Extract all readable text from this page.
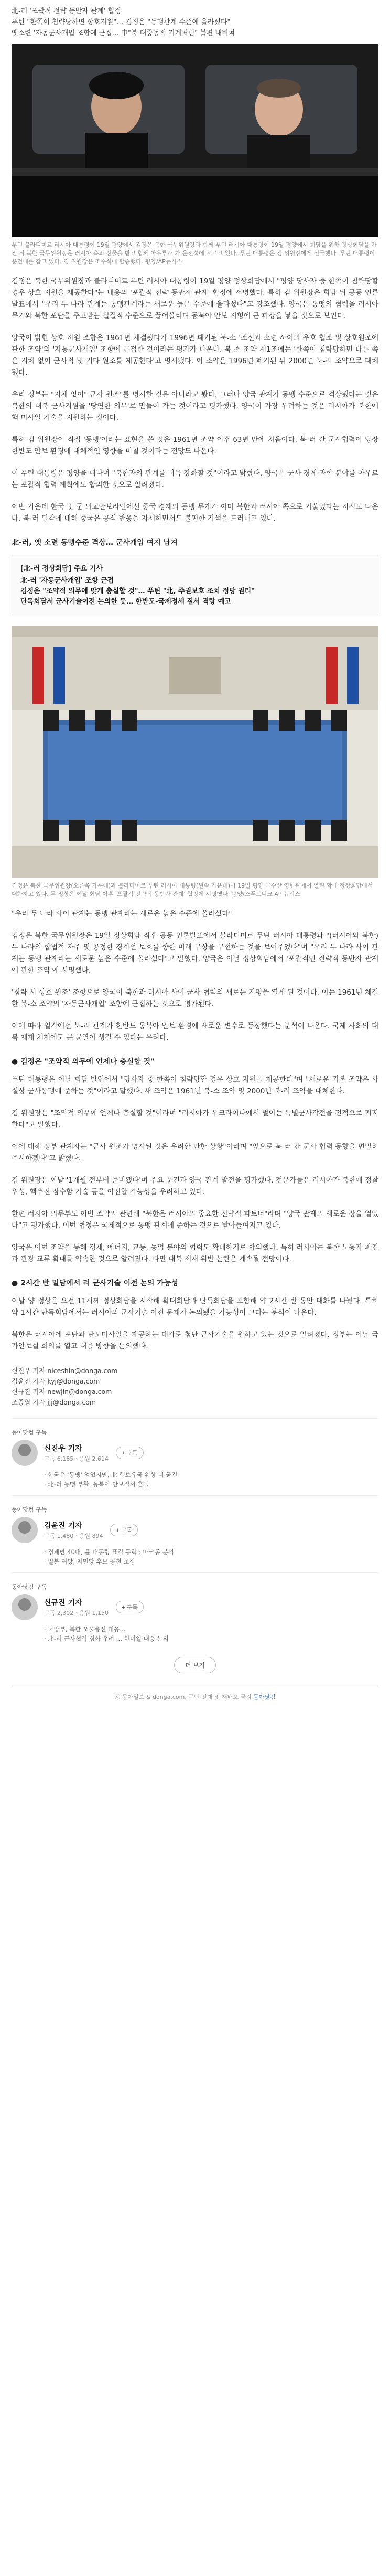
北-러 '포괄적 전략 동반자 관계' 협정
푸틴 "한쪽이 침략당하면 상호지원"… 김정은 "동맹관계 수준에 올라섰다"
옛소련 '자동군사개입 조항에 근접… 中"북 대중동적 기계처럼" 불편 내비쳐
푸틴 블라디미르 러시아 대통령이 19일 평양에서 김정은 북한 국무위원장과 함께 푸틴 러시아 대통령이 19일 평양에서 회담을 위해 정상회담을 가진 뒤 북한 국무위원장은 러시아 측의 선물을 받고 함께 아우루스 차 운전석에 오르고 있다. 푸틴 대통령은 김 위원장에게 선물했다. 푸틴 대통령이 운전대를 잡고 있다. 김 위원장은 조수석에 탑승했다. 평양/AP뉴시스

김정은 북한 국무위원장과 블라디미르 푸틴 러시아 대통령이 19일 평양 정상회담에서 "평양 당사자 중 한쪽이 침략당할 경우 상호 지원을 제공한다"는 내용의 '포괄적 전략 동반자 관계' 협정에 서명했다. 특히 김 위원장은 회담 뒤 공동 언론발표에서 "우리 두 나라 관계는 동맹관계라는 새로운 높은 수준에 올라섰다"고 강조했다. 양국은 동맹의 협력을 러시아 무기와 북한 포탄을 주고받는 실질적 수준으로 끌어올리며 동북아 안보 지형에 큰 파장을 낳을 것으로 보인다.

양국이 밝힌 상호 지원 조항은 1961년 체결됐다가 1996년 폐기된 북-소 '조선과 소련 사이의 우호 협조 및 상호원조에 관한 조약'의 '자동군사개입' 조항에 근접한 것이라는 평가가 나온다. 북-소 조약 제1조에는 '한쪽이 침략당하면 다른 쪽은 지체 없이 군사적 및 기타 원조를 제공한다'고 명시됐다. 이 조약은 1996년 폐기된 뒤 2000년 북-러 조약으로 대체됐다.

우리 정부는 "지체 없이" 군사 원조"를 명시한 것은 아니라고 봤다. 그러나 양국 관계가 동맹 수준으로 격상됐다는 것은 북한의 대북 군사지원을 '당연한 의무'로 만들어 가는 것이라고 평가했다. 양국이 가장 우려하는 것은 러시아가 북한에 핵 미사일 기술을 지원하는 것이다.

특히 김 위원장이 직접 '동맹'이라는 표현을 쓴 것은 1961년 조약 이후 63년 만에 처음이다. 북-러 간 군사협력이 당장 한반도 안보 환경에 대체적인 영향을 미칠 것이라는 전망도 나온다.

이 푸틴 대통령은 평양을 떠나며 "북한과의 관계를 더욱 강화할 것"이라고 밝혔다. 양국은 군사·경제·과학 분야를 아우르는 포괄적 협력 계획에도 합의한 것으로 알려졌다.

이번 가운데 한국 및 군 외교안보라인에선 중국 경제의 동맹 무게가 이미 북한과 러시아 쪽으로 기울었다는 지적도 나온다. 북-러 밀착에 대해 중국은 공식 반응을 자제하면서도 불편한 기색을 드러내고 있다.

北-러, 옛 소련 동맹수준 격상… 군사개입 여지 남겨
[北-러 정상회담] 주요 기사
北-러 '자동군사개입' 조항 근접
김정은 "조약적 의무에 맞게 충실할 것"… 푸틴 "北, 주권보호 조치 정당 권리"
단독회담서 군사기술이전 논의한 듯… 한반도-국제정세 질서 격랑 예고
김정은 북한 국무위원장(오른쪽 가운데)과 블라디미르 푸틴 러시아 대통령(왼쪽 가운데)이 19일 평양 금수산 영빈관에서 열린 확대 정상회담에서 대화하고 있다. 두 정상은 이날 회담 이후 '포괄적 전략적 동반자 관계' 협정에 서명했다. 평양/스푸트니크 AP 뉴시스

"우리 두 나라 사이 관계는 동맹 관계라는 새로운 높은 수준에 올라섰다"

김정은 북한 국무위원장은 19일 정상회담 직후 공동 언론발표에서 블라디미르 푸틴 러시아 대통령과 "(러시아와 북한) 두 나라의 합법적 자주 및 공정한 경계선 보호를 향한 미래 구상을 구현하는 것을 보여주었다"며 "우리 두 나라 사이 관계는 동맹 관계라는 새로운 높은 수준에 올라섰다"고 말했다. 양국은 이날 정상회담에서 '포괄적인 전략적 동반자 관계에 관한 조약'에 서명했다.

'침략 시 상호 원조' 조항으로 양국이 북한과 러시아 사이 군사 협력의 새로운 지평을 열게 된 것이다. 이는 1961년 체결한 북-소 조약의 '자동군사개입' 조항에 근접하는 것으로 평가된다.

이에 따라 일각에선 북-러 관계가 한반도 동북아 안보 환경에 새로운 변수로 등장했다는 분석이 나온다. 국제 사회의 대북 제재 체제에도 큰 균열이 생길 수 있다는 우려다.

● 김정은 "조약적 의무에 언제나 충실할 것"

푸틴 대통령은 이날 회담 발언에서 "당사자 중 한쪽이 침략당할 경우 상호 지원을 제공한다"며 "새로운 기본 조약은 사실상 군사동맹에 준하는 것"이라고 말했다. 새 조약은 1961년 북-소 조약 및 2000년 북-러 조약을 대체한다.

김 위원장은 "조약적 의무에 언제나 충실할 것"이라며 "러시아가 우크라이나에서 벌이는 특별군사작전을 전적으로 지지한다"고 말했다.

이에 대해 정부 관계자는 "군사 원조가 명시된 것은 우려할 만한 상황"이라며 "앞으로 북-러 간 군사 협력 동향을 면밀히 주시하겠다"고 밝혔다.

김 위원장은 이날 '1개월 전부터 준비됐다'며 주요 문건과 양국 관계 발전을 평가했다. 전문가들은 러시아가 북한에 정찰위성, 핵추진 잠수함 기술 등을 이전할 가능성을 우려하고 있다.

한편 러시아 외무부도 이번 조약과 관련해 "북한은 러시아의 중요한 전략적 파트너"라며 "양국 관계의 새로운 장을 열었다"고 평가했다. 이번 협정은 국제적으로 동맹 관계에 준하는 것으로 받아들여지고 있다.

양국은 이번 조약을 통해 경제, 에너지, 교통, 농업 분야의 협력도 확대하기로 합의했다. 특히 러시아는 북한 노동자 파견과 관광 교류 확대를 약속한 것으로 알려졌다. 다만 대북 제재 위반 논란은 계속될 전망이다.

● 2시간 반 밀담에서 러 군사기술 이전 논의 가능성

이날 양 정상은 오전 11시께 정상회담을 시작해 확대회담과 단독회담을 포함해 약 2시간 반 동안 대화를 나눴다. 특히 약 1시간 단독회담에서는 러시아의 군사기술 이전 문제가 논의됐을 가능성이 크다는 분석이 나온다.

북한은 러시아에 포탄과 탄도미사일을 제공하는 대가로 첨단 군사기술을 원하고 있는 것으로 알려졌다. 정부는 이날 국가안보실 회의를 열고 대응 방향을 논의했다.

신진우 기자 niceshin@donga.com
김윤진 기자 kyj@donga.com
신규진 기자 newjin@donga.com
조종엽 기자 jjj@donga.com
동아닷컴 구독
신진우 기자
구독 6,185 · 응원 2,614
+ 구독
· 한국은 '동맹' 얻었지만, 北 핵보유국 위상 더 굳건
· 北-러 동맹 부활, 동북아 안보질서 흔들
동아닷컴 구독
김윤진 기자
구독 1,480 · 응원 894
+ 구독
· 경제만 40대, 윤 대통령 표결 동력 : 마크롱 분석
· 일본 여당, 자민당 후보 공천 조정
동아닷컴 구독
신규진 기자
구독 2,302 · 응원 1,150
+ 구독
· 국방부, 북한 오물풍선 대응…
· 北-러 군사협력 심화 우려 … 한미일 대응 논의
더 보기
ⓒ 동아일보 & donga.com, 무단 전재 및 재배포 금지 동아닷컴
